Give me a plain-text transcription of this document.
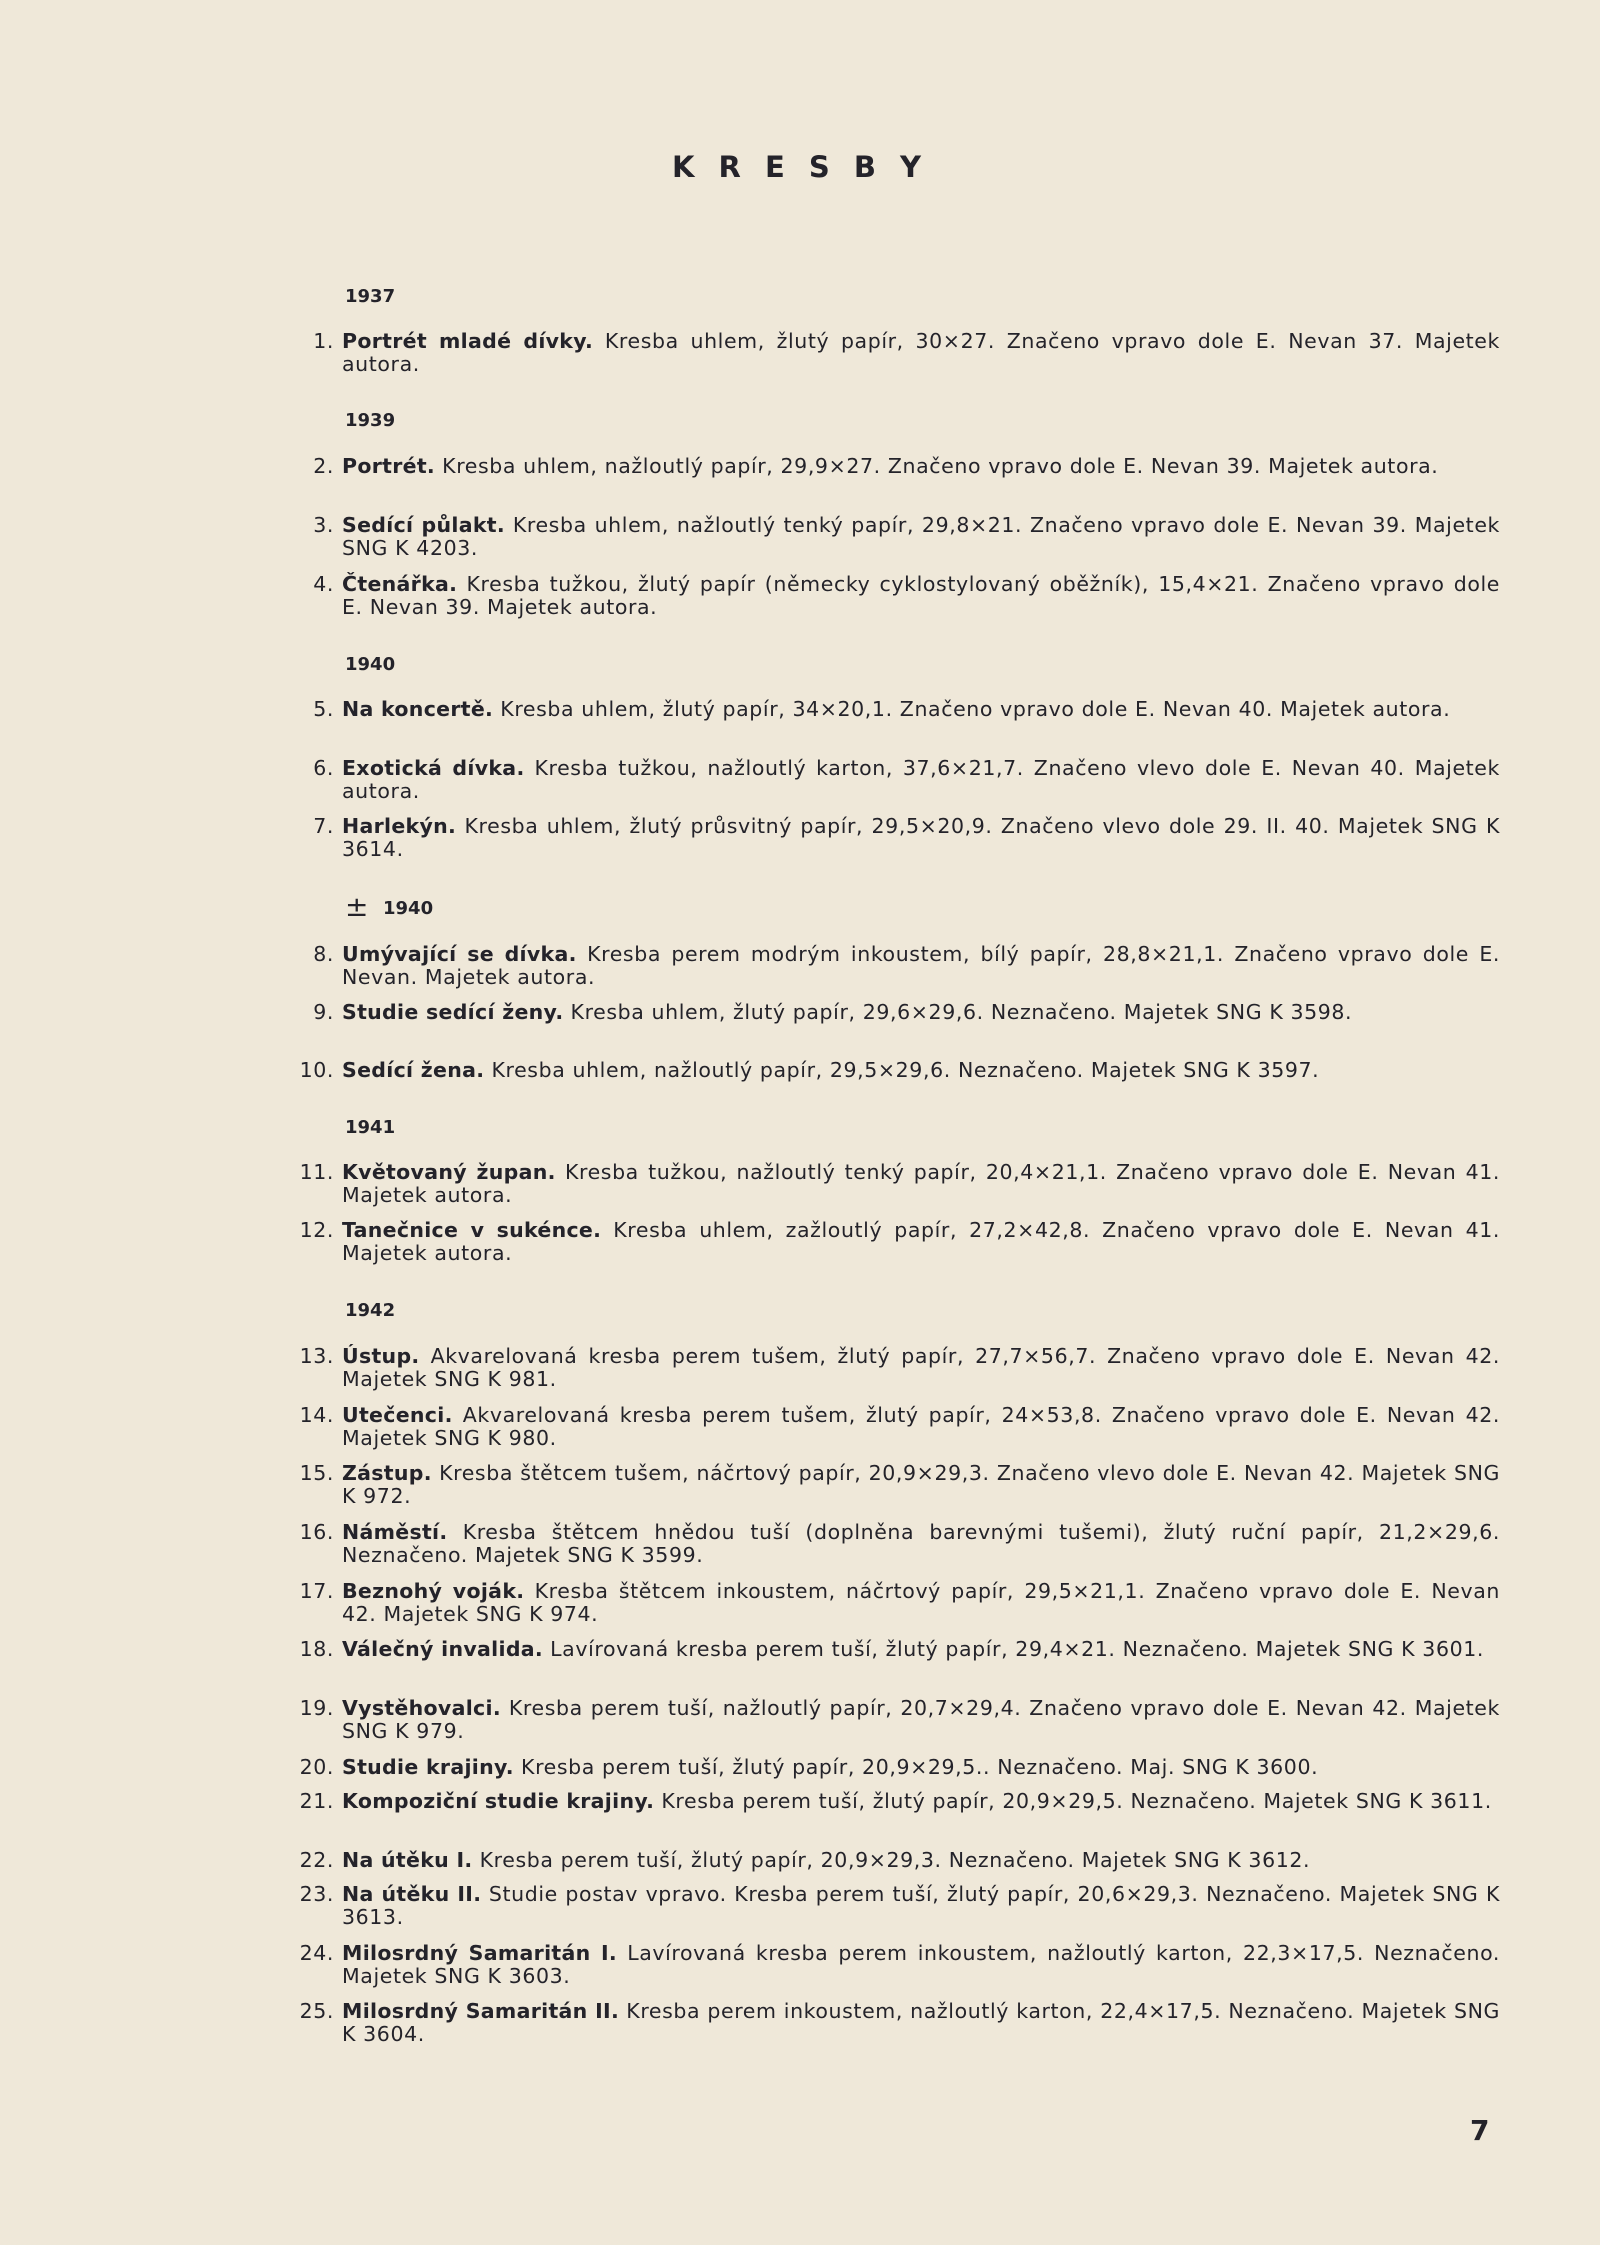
K R E S B Y
1937
1. Portrét mladé dívky. Kresba uhlem, žlutý papír, 30×27. Značeno vpravo dole E. Nevan 37. Majetek autora.
1939
2. Portrét. Kresba uhlem, nažloutlý papír, 29,9×27. Značeno vpravo dole E. Nevan 39. Majetek autora.
3. Sedící půlakt. Kresba uhlem, nažloutlý tenký papír, 29,8×21. Značeno vpravo dole E. Nevan 39. Majetek SNG K 4203.
4. Čtenářka. Kresba tužkou, žlutý papír (německy cyklostylovaný oběžník), 15,4×21. Značeno vpravo dole E. Nevan 39. Majetek autora.
1940
5. Na koncertě. Kresba uhlem, žlutý papír, 34×20,1. Značeno vpravo dole E. Nevan 40. Majetek autora.
6. Exotická dívka. Kresba tužkou, nažloutlý karton, 37,6×21,7. Značeno vlevo dole E. Nevan 40. Majetek autora.
7. Harlekýn. Kresba uhlem, žlutý průsvitný papír, 29,5×20,9. Značeno vlevo dole 29. II. 40. Majetek SNG K 3614.
± 1940
8. Umývající se dívka. Kresba perem modrým inkoustem, bílý papír, 28,8×21,1. Značeno vpravo dole E. Nevan. Majetek autora.
9. Studie sedící ženy. Kresba uhlem, žlutý papír, 29,6×29,6. Neznačeno. Majetek SNG K 3598.
10. Sedící žena. Kresba uhlem, nažloutlý papír, 29,5×29,6. Neznačeno. Majetek SNG K 3597.
1941
11. Květovaný župan. Kresba tužkou, nažloutlý tenký papír, 20,4×21,1. Značeno vpravo dole E. Nevan 41. Majetek autora.
12. Tanečnice v sukénce. Kresba uhlem, zažloutlý papír, 27,2×42,8. Značeno vpravo dole E. Nevan 41. Majetek autora.
1942
13. Ústup. Akvarelovaná kresba perem tušem, žlutý papír, 27,7×56,7. Značeno vpravo dole E. Nevan 42. Majetek SNG K 981.
14. Utečenci. Akvarelovaná kresba perem tušem, žlutý papír, 24×53,8. Značeno vpravo dole E. Nevan 42. Majetek SNG K 980.
15. Zástup. Kresba štětcem tušem, náčrtový papír, 20,9×29,3. Značeno vlevo dole E. Nevan 42. Majetek SNG K 972.
16. Náměstí. Kresba štětcem hnědou tuší (doplněna barevnými tušemi), žlutý ruční papír, 21,2×29,6. Neznačeno. Majetek SNG K 3599.
17. Beznohý voják. Kresba štětcem inkoustem, náčrtový papír, 29,5×21,1. Značeno vpravo dole E. Nevan 42. Majetek SNG K 974.
18. Válečný invalida. Lavírovaná kresba perem tuší, žlutý papír, 29,4×21. Neznačeno. Majetek SNG K 3601.
19. Vystěhovalci. Kresba perem tuší, nažloutlý papír, 20,7×29,4. Značeno vpravo dole E. Nevan 42. Majetek SNG K 979.
20. Studie krajiny. Kresba perem tuší, žlutý papír, 20,9×29,5.. Neznačeno. Maj. SNG K 3600.
21. Kompoziční studie krajiny. Kresba perem tuší, žlutý papír, 20,9×29,5. Neznačeno. Majetek SNG K 3611.
22. Na útěku I. Kresba perem tuší, žlutý papír, 20,9×29,3. Neznačeno. Majetek SNG K 3612.
23. Na útěku II. Studie postav vpravo. Kresba perem tuší, žlutý papír, 20,6×29,3. Neznačeno. Majetek SNG K 3613.
24. Milosrdný Samaritán I. Lavírovaná kresba perem inkoustem, nažloutlý karton, 22,3×17,5. Neznačeno. Majetek SNG K 3603.
25. Milosrdný Samaritán II. Kresba perem inkoustem, nažloutlý karton, 22,4×17,5. Neznačeno. Majetek SNG K 3604.
7
